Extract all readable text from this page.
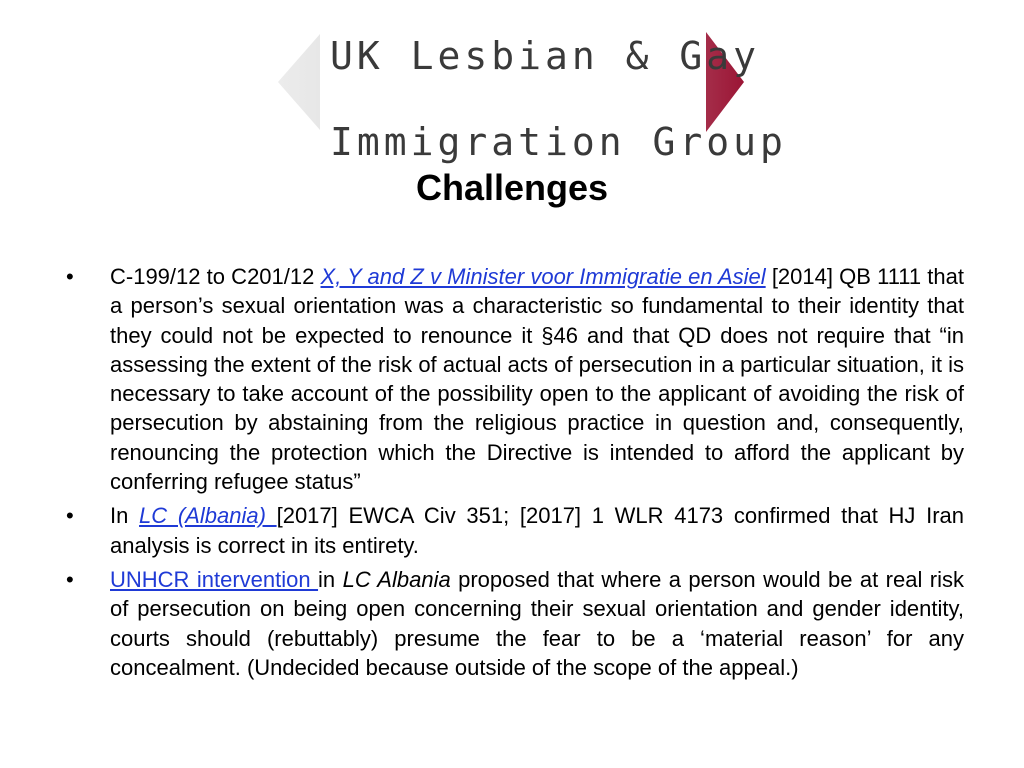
UK Lesbian & Gay
Immigration Group
Challenges

•	C-199/12 to C201/12 X, Y and Z v Minister voor Immigratie en Asiel [2014] QB 1111 that a person’s sexual orientation was a characteristic so fundamental to their identity that they could not be expected to renounce it §46 and that QD does not require that “in assessing the extent of the risk of actual acts of persecution in a particular situation, it is necessary to take account of the possibility open to the applicant of avoiding the risk of persecution by abstaining from the religious practice in question and, consequently, renouncing the protection which the Directive is intended to afford the applicant by conferring refugee status”

•	In LC (Albania) [2017] EWCA Civ 351; [2017] 1 WLR 4173 confirmed that HJ Iran analysis is correct in its entirety.

•	UNHCR intervention in LC Albania proposed that where a person would be at real risk of persecution on being open concerning their sexual orientation and gender identity, courts should (rebuttably) presume the fear to be a ‘material reason’ for any concealment. (Undecided because outside of the scope of the appeal.)
